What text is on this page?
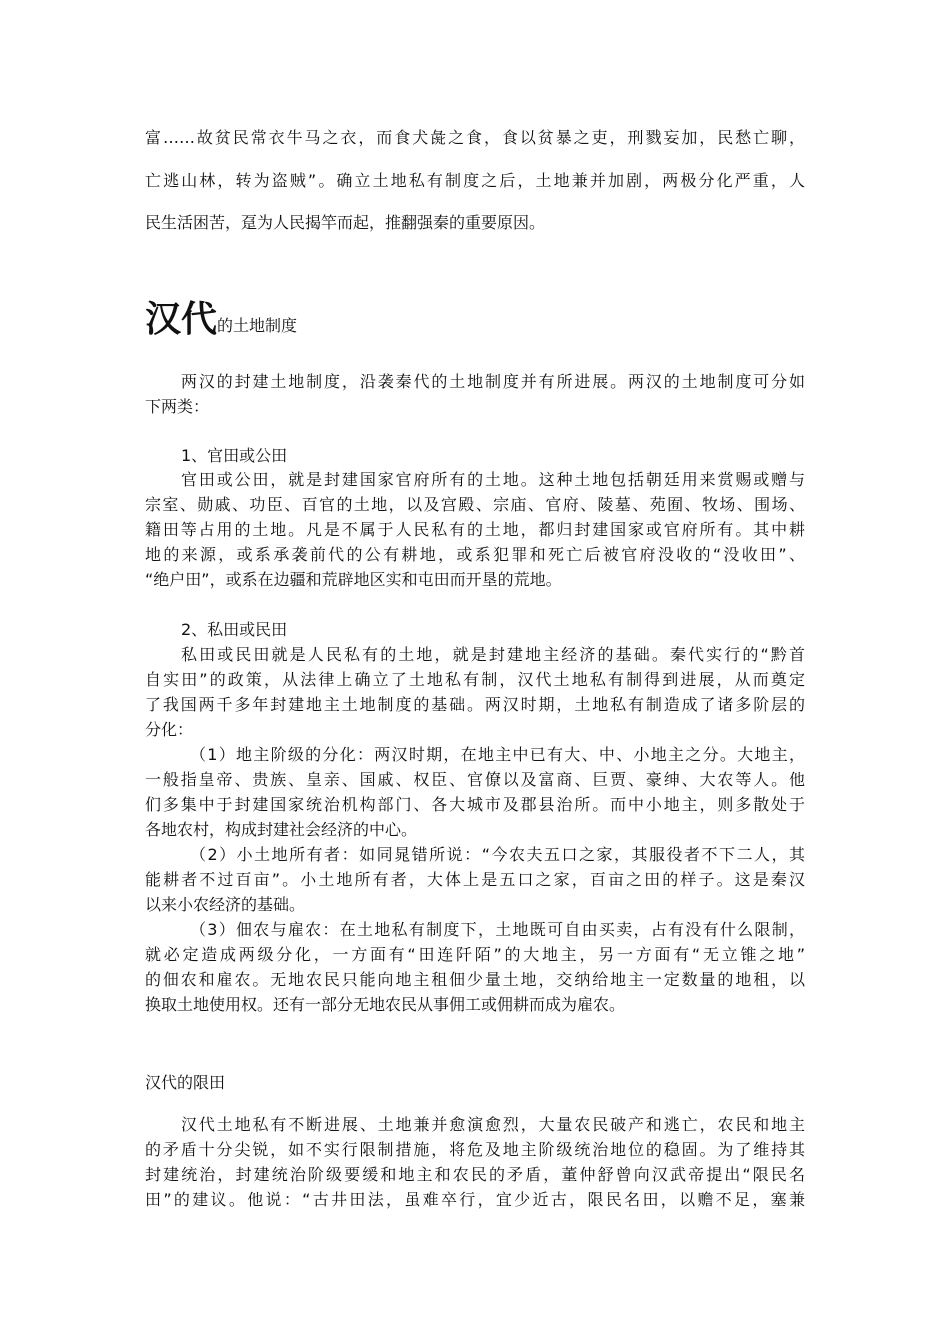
富……故贫民常衣牛马之衣，而食犬彘之食，食以贫暴之吏，刑戮妄加，民愁亡聊，
亡逃山林，转为盗贼”。确立土地私有制度之后，土地兼并加剧，两极分化严重，人
民生活困苦，趸为人民揭竿而起，推翻强秦的重要原因。
汉代的土地制度
两汉的封建土地制度，沿袭秦代的土地制度并有所进展。两汉的土地制度可分如
下两类：
1、官田或公田
官田或公田，就是封建国家官府所有的土地。这种土地包括朝廷用来赏赐或赠与
宗室、勋戚、功臣、百官的土地，以及宫殿、宗庙、官府、陵墓、苑囿、牧场、围场、
籍田等占用的土地。凡是不属于人民私有的土地，都归封建国家或官府所有。其中耕
地的来源，或系承袭前代的公有耕地，或系犯罪和死亡后被官府没收的“没收田”、
“绝户田”，或系在边疆和荒辟地区实和屯田而开垦的荒地。
2、私田或民田
私田或民田就是人民私有的土地，就是封建地主经济的基础。秦代实行的“黔首
自实田”的政策，从法律上确立了土地私有制，汉代土地私有制得到进展，从而奠定
了我国两千多年封建地主土地制度的基础。两汉时期，土地私有制造成了诸多阶层的
分化：
（1）地主阶级的分化：两汉时期，在地主中已有大、中、小地主之分。大地主，
一般指皇帝、贵族、皇亲、国戚、权臣、官僚以及富商、巨贾、豪绅、大农等人。他
们多集中于封建国家统治机构部门、各大城市及郡县治所。而中小地主，则多散处于
各地农村，构成封建社会经济的中心。
（2）小土地所有者：如同晁错所说：“今农夫五口之家，其服役者不下二人，其
能耕者不过百亩”。小土地所有者，大体上是五口之家，百亩之田的样子。这是秦汉
以来小农经济的基础。
（3）佃农与雇农：在土地私有制度下，土地既可自由买卖，占有没有什么限制，
就必定造成两级分化，一方面有“田连阡陌”的大地主，另一方面有“无立锥之地”
的佃农和雇农。无地农民只能向地主租佃少量土地，交纳给地主一定数量的地租，以
换取土地使用权。还有一部分无地农民从事佣工或佣耕而成为雇农。
汉代的限田
汉代土地私有不断进展、土地兼并愈演愈烈，大量农民破产和逃亡，农民和地主
的矛盾十分尖锐，如不实行限制措施，将危及地主阶级统治地位的稳固。为了维持其
封建统治，封建统治阶级要缓和地主和农民的矛盾，董仲舒曾向汉武帝提出“限民名
田”的建议。他说：“古井田法，虽难卒行，宜少近古，限民名田，以赡不足，塞兼
